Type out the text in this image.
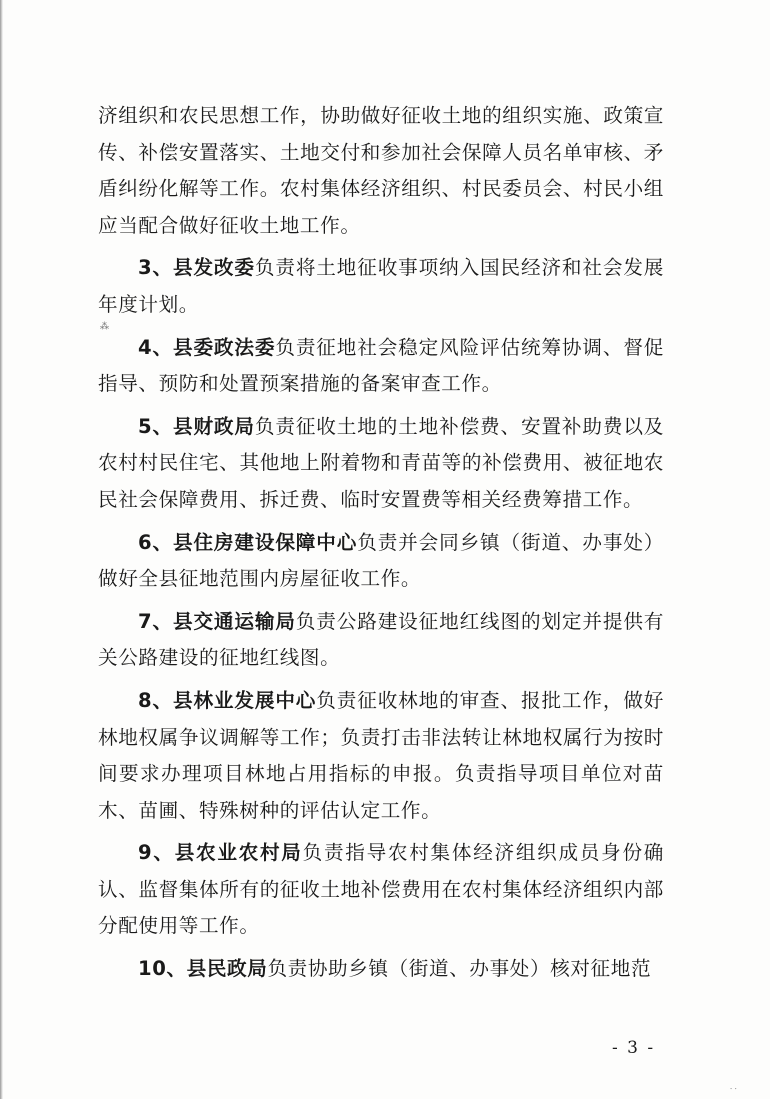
⁂

济组织和农民思想工作，协助做好征收土地的组织实施、政策宣传、补偿安置落实、土地交付和参加社会保障人员名单审核、矛盾纠纷化解等工作。农村集体经济组织、村民委员会、村民小组应当配合做好征收土地工作。

3、县发改委负责将土地征收事项纳入国民经济和社会发展年度计划。

4、县委政法委负责征地社会稳定风险评估统筹协调、督促指导、预防和处置预案措施的备案审查工作。

5、县财政局负责征收土地的土地补偿费、安置补助费以及农村村民住宅、其他地上附着物和青苗等的补偿费用、被征地农民社会保障费用、拆迁费、临时安置费等相关经费筹措工作。

6、县住房建设保障中心负责并会同乡镇（街道、办事处）做好全县征地范围内房屋征收工作。

7、县交通运输局负责公路建设征地红线图的划定并提供有关公路建设的征地红线图。

8、县林业发展中心负责征收林地的审查、报批工作，做好林地权属争议调解等工作；负责打击非法转让林地权属行为按时间要求办理项目林地占用指标的申报。负责指导项目单位对苗木、苗圃、特殊树种的评估认定工作。

9、县农业农村局负责指导农村集体经济组织成员身份确认、监督集体所有的征收土地补偿费用在农村集体经济组织内部分配使用等工作。

10、县民政局负责协助乡镇（街道、办事处）核对征地范

- 3 -
⸳ ⸳
